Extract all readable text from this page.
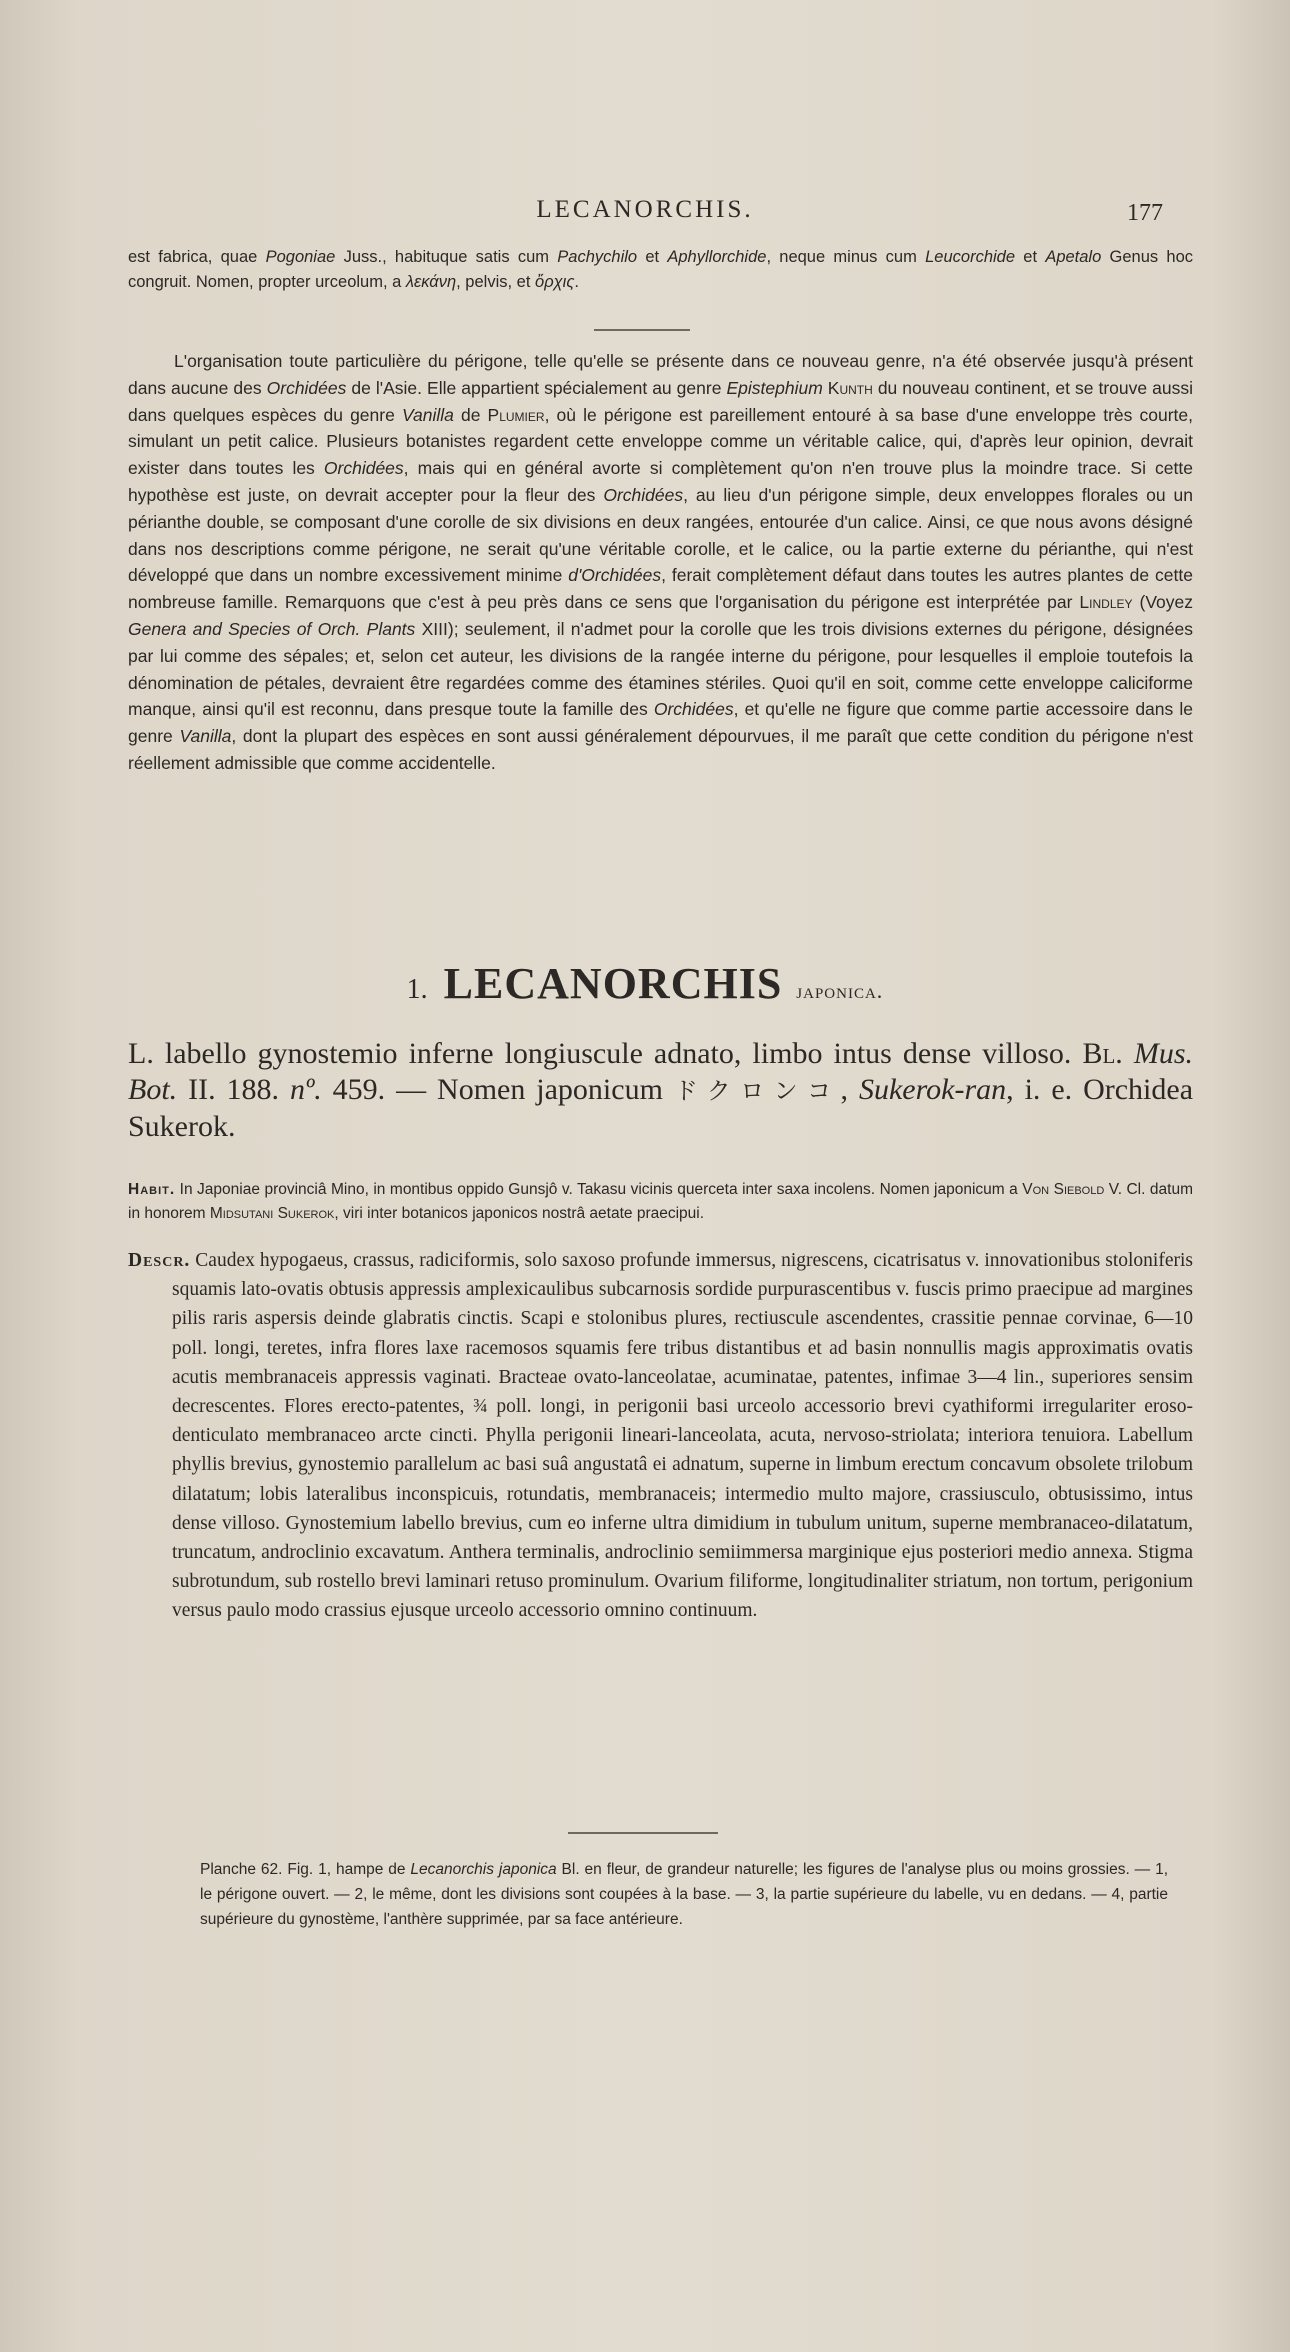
LECANORCHIS.	177
est fabrica, quae Pogoniae Juss., habituque satis cum Pachychilo et Aphyllorchide, neque minus cum Leucorchide et Apetalo Genus hoc congruit. Nomen, propter urceolum, a λεκάνη, pelvis, et ὄρχις.
L'organisation toute particulière du périgone, telle qu'elle se présente dans ce nouveau genre, n'a été observée jusqu'à présent dans aucune des Orchidées de l'Asie. Elle appartient spécialement au genre Epistephium Kunth du nouveau continent, et se trouve aussi dans quelques espèces du genre Vanilla de Plumier, où le périgone est pareillement entouré à sa base d'une enveloppe très courte, simulant un petit calice. Plusieurs botanistes regardent cette enveloppe comme un véritable calice, qui, d'après leur opinion, devrait exister dans toutes les Orchidées, mais qui en général avorte si complètement qu'on n'en trouve plus la moindre trace. Si cette hypothèse est juste, on devrait accepter pour la fleur des Orchidées, au lieu d'un périgone simple, deux enveloppes florales ou un périanthe double, se composant d'une corolle de six divisions en deux rangées, entourée d'un calice. Ainsi, ce que nous avons désigné dans nos descriptions comme périgone, ne serait qu'une véritable corolle, et le calice, ou la partie externe du périanthe, qui n'est développé que dans un nombre excessivement minime d'Orchidées, ferait complètement défaut dans toutes les autres plantes de cette nombreuse famille. Remarquons que c'est à peu près dans ce sens que l'organisation du périgone est interprétée par Lindley (Voyez Genera and Species of Orch. Plants XIII); seulement, il n'admet pour la corolle que les trois divisions externes du périgone, désignées par lui comme des sépales; et, selon cet auteur, les divisions de la rangée interne du périgone, pour lesquelles il emploie toutefois la dénomination de pétales, devraient être regardées comme des étamines stériles. Quoi qu'il en soit, comme cette enveloppe caliciforme manque, ainsi qu'il est reconnu, dans presque toute la famille des Orchidées, et qu'elle ne figure que comme partie accessoire dans le genre Vanilla, dont la plupart des espèces en sont aussi généralement dépourvues, il me paraît que cette condition du périgone n'est réellement admissible que comme accidentelle.
1. LECANORCHIS japonica.
L. labello gynostemio inferne longiuscule adnato, limbo intus dense villoso. Bl. Mus. Bot. II. 188. nº. 459. — Nomen japonicum ドクロンコ, Sukerok-ran, i. e. Orchidea Sukerok.
Habit. In Japoniae provinciâ Mino, in montibus oppido Gunsjô v. Takasu vicinis querceta inter saxa incolens. Nomen japonicum a Von Siebold V. Cl. datum in honorem Midsutani Sukerok, viri inter botanicos japonicos nostrâ aetate praecipui.
Descr. Caudex hypogaeus, crassus, radiciformis, solo saxoso profunde immersus, nigrescens, cicatrisatus v. innovationibus stoloniferis squamis lato-ovatis obtusis appressis amplexicaulibus subcarnosis sordide purpurascentibus v. fuscis primo praecipue ad margines pilis raris aspersis deinde glabratis cinctis. Scapi e stolonibus plures, rectiuscule ascendentes, crassitie pennae corvinae, 6—10 poll. longi, teretes, infra flores laxe racemosos squamis fere tribus distantibus et ad basin nonnullis magis approximatis ovatis acutis membranaceis appressis vaginati. Bracteae ovato-lanceolatae, acuminatae, patentes, infimae 3—4 lin., superiores sensim decrescentes. Flores erecto-patentes, ¾ poll. longi, in perigonii basi urceolo accessorio brevi cyathiformi irregulariter eroso-denticulato membranaceo arcte cincti. Phylla perigonii lineari-lanceolata, acuta, nervoso-striolata; interiora tenuiora. Labellum phyllis brevius, gynostemio parallelum ac basi suâ angustatâ ei adnatum, superne in limbum erectum concavum obsolete trilobum dilatatum; lobis lateralibus inconspicuis, rotundatis, membranaceis; intermedio multo majore, crassiusculo, obtusissimo, intus dense villoso. Gynostemium labello brevius, cum eo inferne ultra dimidium in tubulum unitum, superne membranaceo-dilatatum, truncatum, androclinio excavatum. Anthera terminalis, androclinio semiimmersa marginique ejus posteriori medio annexa. Stigma subrotundum, sub rostello brevi laminari retuso prominulum. Ovarium filiforme, longitudinaliter striatum, non tortum, perigonium versus paulo modo crassius ejusque urceolo accessorio omnino continuum.
Planche 62. Fig. 1, hampe de Lecanorchis japonica Bl. en fleur, de grandeur naturelle; les figures de l'analyse plus ou moins grossies. — 1, le périgone ouvert. — 2, le même, dont les divisions sont coupées à la base. — 3, la partie supérieure du labelle, vu en dedans. — 4, partie supérieure du gynostème, l'anthère supprimée, par sa face antérieure.
